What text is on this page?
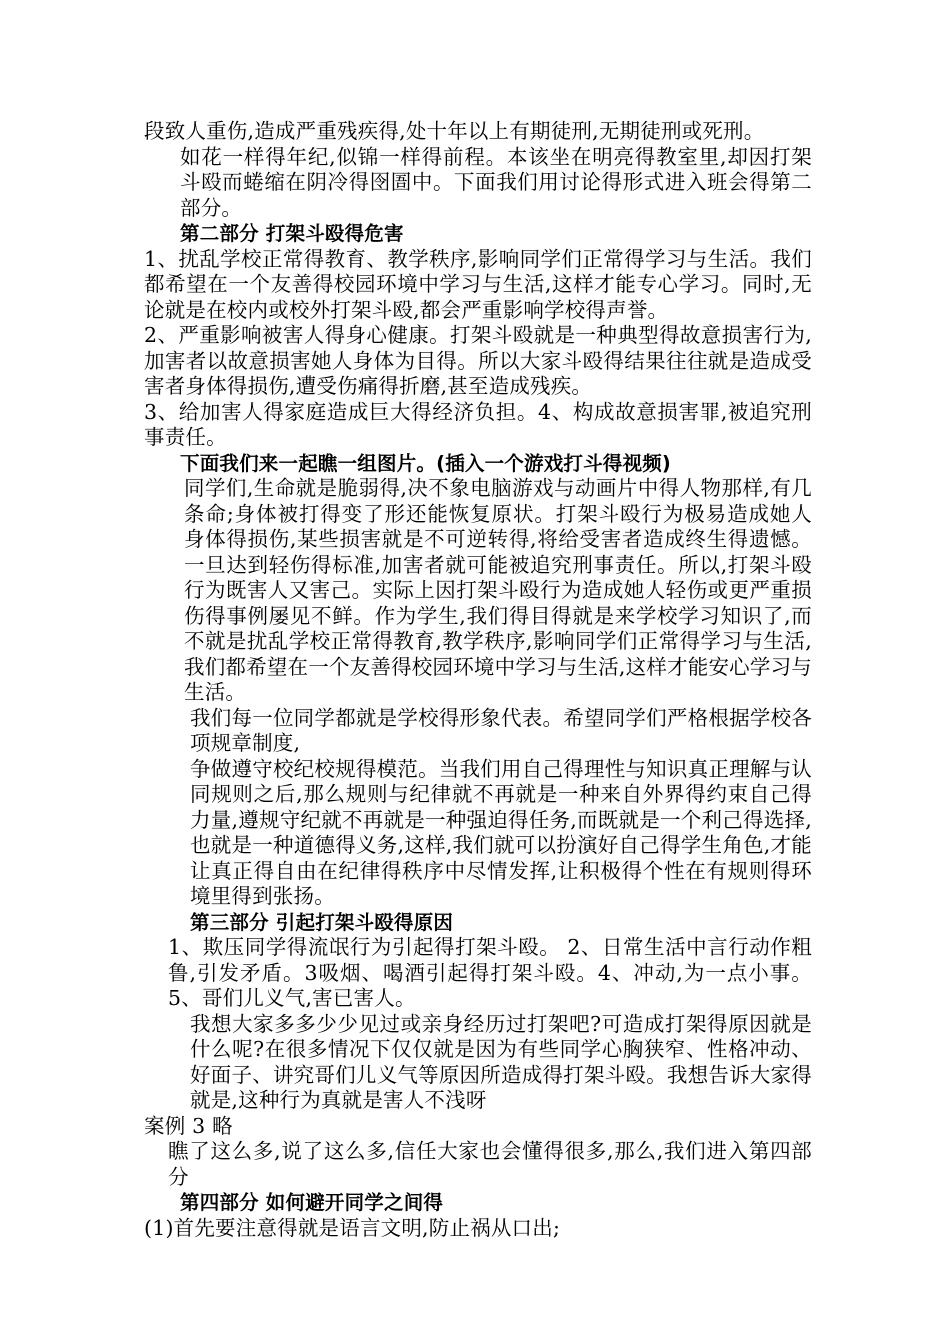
段致人重伤,造成严重残疾得,处十年以上有期徒刑,无期徒刑或死刑。

如花一样得年纪,似锦一样得前程。本该坐在明亮得教室里,却因打架斗殴而蜷缩在阴冷得囹圄中。下面我们用讨论得形式进入班会得第二部分。

第二部分 打架斗殴得危害

1、扰乱学校正常得教育、教学秩序,影响同学们正常得学习与生活。我们都希望在一个友善得校园环境中学习与生活,这样才能专心学习。同时,无论就是在校内或校外打架斗殴,都会严重影响学校得声誉。

2、严重影响被害人得身心健康。打架斗殴就是一种典型得故意损害行为,加害者以故意损害她人身体为目得。所以大家斗殴得结果往往就是造成受害者身体得损伤,遭受伤痛得折磨,甚至造成残疾。

3、给加害人得家庭造成巨大得经济负担。4、构成故意损害罪,被追究刑事责任。

下面我们来一起瞧一组图片。(插入一个游戏打斗得视频)

同学们,生命就是脆弱得,决不象电脑游戏与动画片中得人物那样,有几条命;身体被打得变了形还能恢复原状。打架斗殴行为极易造成她人身体得损伤,某些损害就是不可逆转得,将给受害者造成终生得遗憾。一旦达到轻伤得标准,加害者就可能被追究刑事责任。所以,打架斗殴行为既害人又害己。实际上因打架斗殴行为造成她人轻伤或更严重损伤得事例屡见不鲜。作为学生,我们得目得就是来学校学习知识了,而不就是扰乱学校正常得教育,教学秩序,影响同学们正常得学习与生活,我们都希望在一个友善得校园环境中学习与生活,这样才能安心学习与生活。

我们每一位同学都就是学校得形象代表。希望同学们严格根据学校各项规章制度,

争做遵守校纪校规得模范。当我们用自己得理性与知识真正理解与认同规则之后,那么规则与纪律就不再就是一种来自外界得约束自己得力量,遵规守纪就不再就是一种强迫得任务,而既就是一个利己得选择,也就是一种道德得义务,这样,我们就可以扮演好自己得学生角色,才能让真正得自由在纪律得秩序中尽情发挥,让积极得个性在有规则得环境里得到张扬。

第三部分 引起打架斗殴得原因

1、欺压同学得流氓行为引起得打架斗殴。 2、日常生活中言行动作粗鲁,引发矛盾。3吸烟、喝酒引起得打架斗殴。4、冲动,为一点小事。5、哥们儿义气,害已害人。

我想大家多多少少见过或亲身经历过打架吧?可造成打架得原因就是什么呢?在很多情况下仅仅就是因为有些同学心胸狭窄、性格冲动、好面子、讲究哥们儿义气等原因所造成得打架斗殴。我想告诉大家得就是,这种行为真就是害人不浅呀

案例 3 略

瞧了这么多,说了这么多,信任大家也会懂得很多,那么,我们进入第四部分

第四部分 如何避开同学之间得

(1)首先要注意得就是语言文明,防止祸从口出;
